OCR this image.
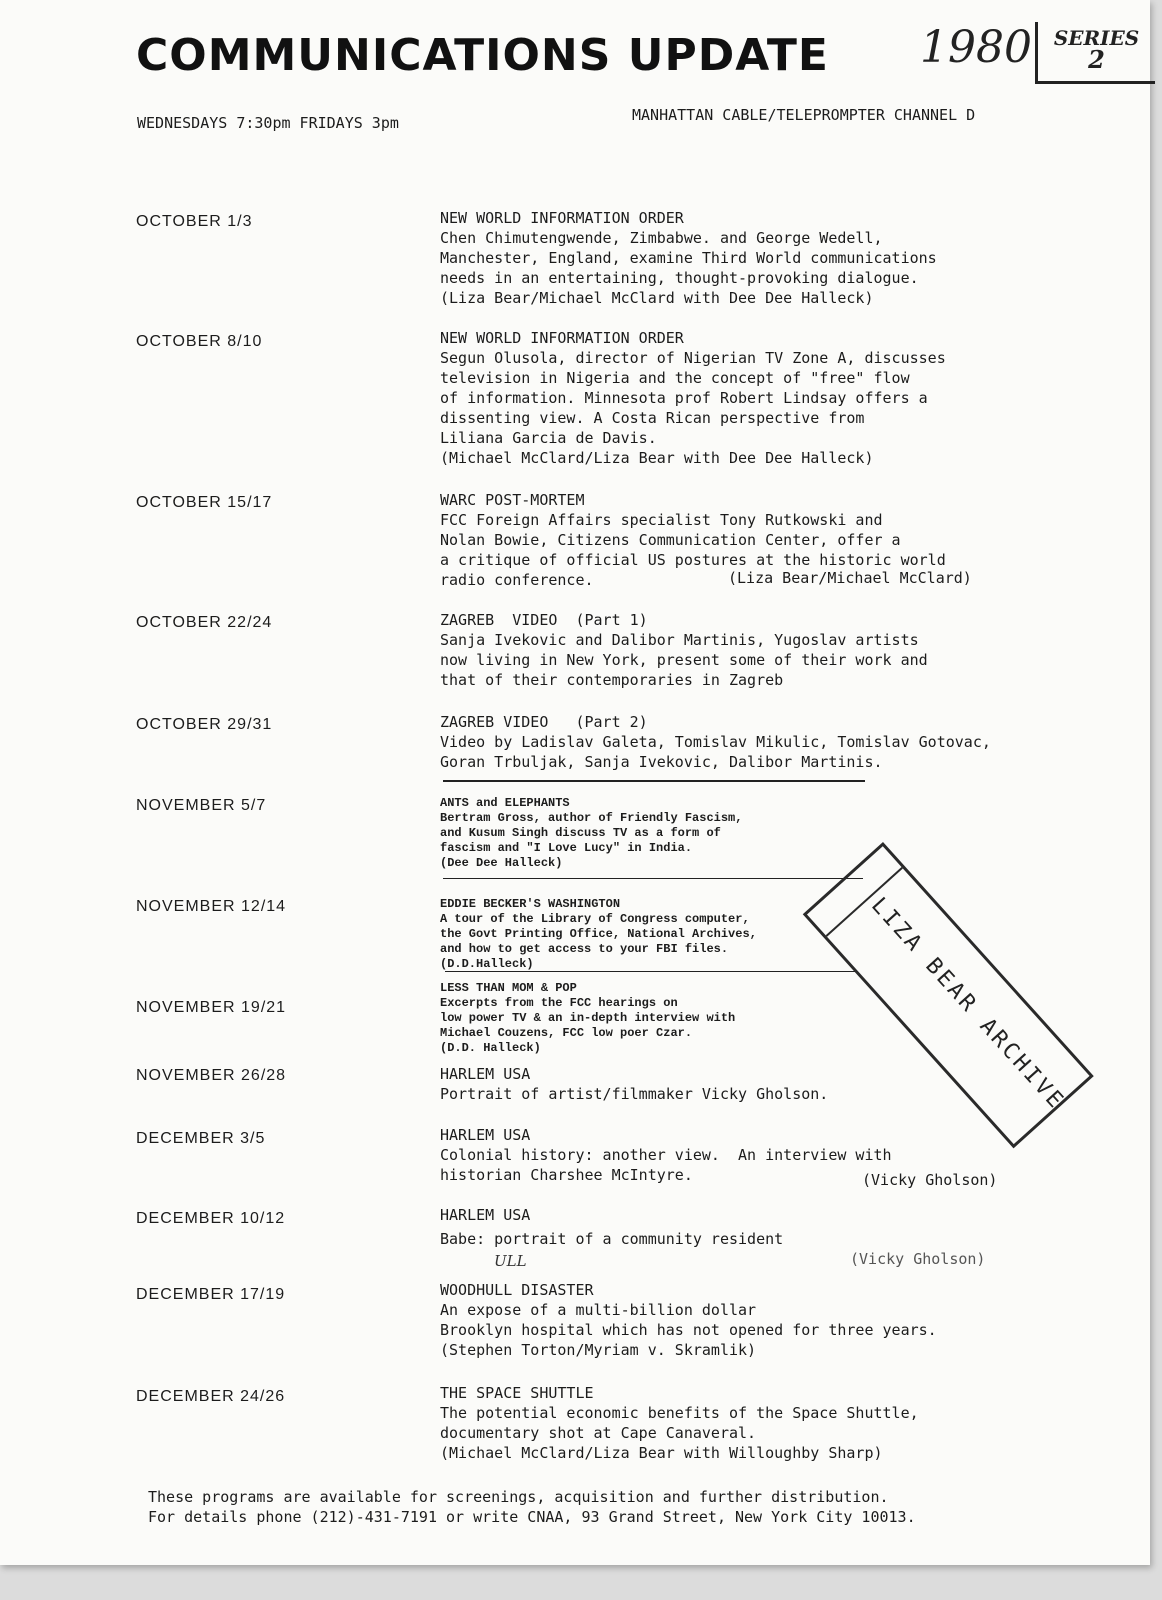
COMMUNICATIONS UPDATE 1980	SERIES
2
WEDNESDAYS 7:30pm FRIDAYS 3pm	MANHATTAN CABLE/TELEPROMPTER CHANNEL D
OCTOBER 1/3	NEW WORLD INFORMATION ORDER
Chen Chimutengwende, Zimbabwe. and George Wedell,
Manchester, England, examine Third World communications
needs in an entertaining, thought-provoking dialogue.
(Liza Bear/Michael McClard with Dee Dee Halleck)
OCTOBER 8/10	NEW WORLD INFORMATION ORDER
Segun Olusola, director of Nigerian TV Zone A, discusses
television in Nigeria and the concept of "free" flow
of information. Minnesota prof Robert Lindsay offers a
dissenting view. A Costa Rican perspective from
Liliana Garcia de Davis.
(Michael McClard/Liza Bear with Dee Dee Halleck)
OCTOBER 15/17	WARC POST-MORTEM
FCC Foreign Affairs specialist Tony Rutkowski and
Nolan Bowie, Citizens Communication Center, offer a
a critique of official US postures at the historic world
radio conference.	(Liza Bear/Michael McClard)
OCTOBER 22/24	ZAGREB  VIDEO  (Part 1)
Sanja Ivekovic and Dalibor Martinis, Yugoslav artists
now living in New York, present some of their work and
that of their contemporaries in Zagreb
OCTOBER 29/31	ZAGREB VIDEO   (Part 2)
Video by Ladislav Galeta, Tomislav Mikulic, Tomislav Gotovac,
Goran Trbuljak, Sanja Ivekovic, Dalibor Martinis.
NOVEMBER 5/7	ANTS and ELEPHANTS
Bertram Gross, author of Friendly Fascism,
and Kusum Singh discuss TV as a form of
fascism and "I Love Lucy" in India.
(Dee Dee Halleck)
NOVEMBER 12/14	EDDIE BECKER'S WASHINGTON
A tour of the Library of Congress computer,
the Govt Printing Office, National Archives,
and how to get access to your FBI files.
(D.D.Halleck)
NOVEMBER 19/21
LESS THAN MOM & POP
Excerpts from the FCC hearings on
low power TV & an in-depth interview with
Michael Couzens, FCC low poer Czar.
(D.D. Halleck)
NOVEMBER 26/28	HARLEM USA
Portrait of artist/filmmaker Vicky Gholson.
DECEMBER 3/5	HARLEM USA
Colonial history: another view.  An interview with
historian Charshee McIntyre.	(Vicky Gholson)
DECEMBER 10/12	HARLEM USA
Babe: portrait of a community resident
(Vicky Gholson)
ULL
DECEMBER 17/19	WOODHULL DISASTER
An expose of a multi-billion dollar
Brooklyn hospital which has not opened for three years.
(Stephen Torton/Myriam v. Skramlik)
DECEMBER 24/26	THE SPACE SHUTTLE
The potential economic benefits of the Space Shuttle,
documentary shot at Cape Canaveral.
(Michael McClard/Liza Bear with Willoughby Sharp)
LIZA BEAR ARCHIVE
These programs are available for screenings, acquisition and further distribution.
For details phone (212)-431-7191 or write CNAA, 93 Grand Street, New York City 10013.
